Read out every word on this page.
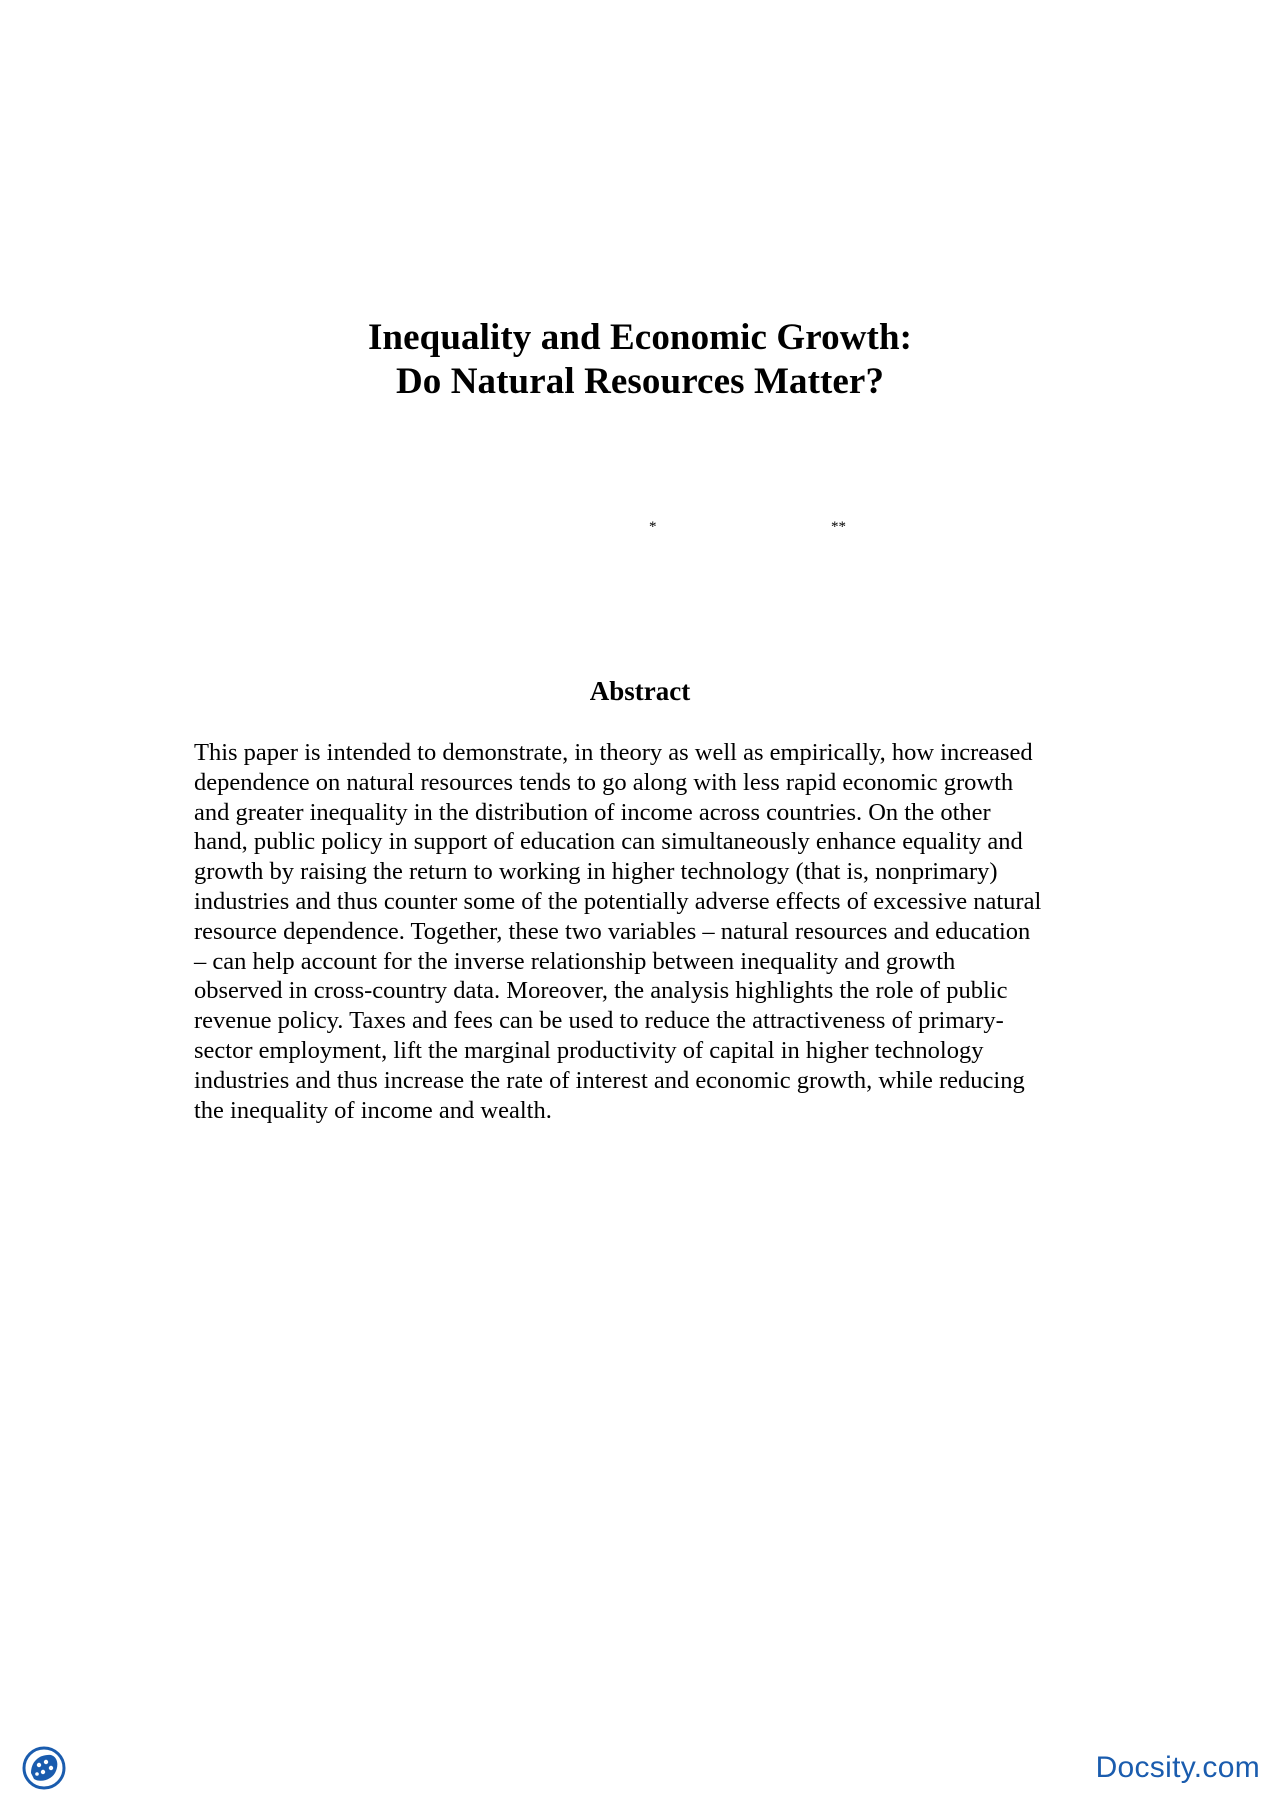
Inequality and Economic Growth:
Do Natural Resources Matter?
*	**
Abstract
This paper is intended to demonstrate, in theory as well as empirically, how increased
dependence on natural resources tends to go along with less rapid economic growth
and greater inequality in the distribution of income across countries. On the other
hand, public policy in support of education can simultaneously enhance equality and
growth by raising the return to working in higher technology (that is, nonprimary)
industries and thus counter some of the potentially adverse effects of excessive natural
resource dependence. Together, these two variables – natural resources and education
– can help account for the inverse relationship between inequality and growth
observed in cross-country data. Moreover, the analysis highlights the role of public
revenue policy. Taxes and fees can be used to reduce the attractiveness of primary-
sector employment, lift the marginal productivity of capital in higher technology
industries and thus increase the rate of interest and economic growth, while reducing
the inequality of income and wealth.
Docsity.com
